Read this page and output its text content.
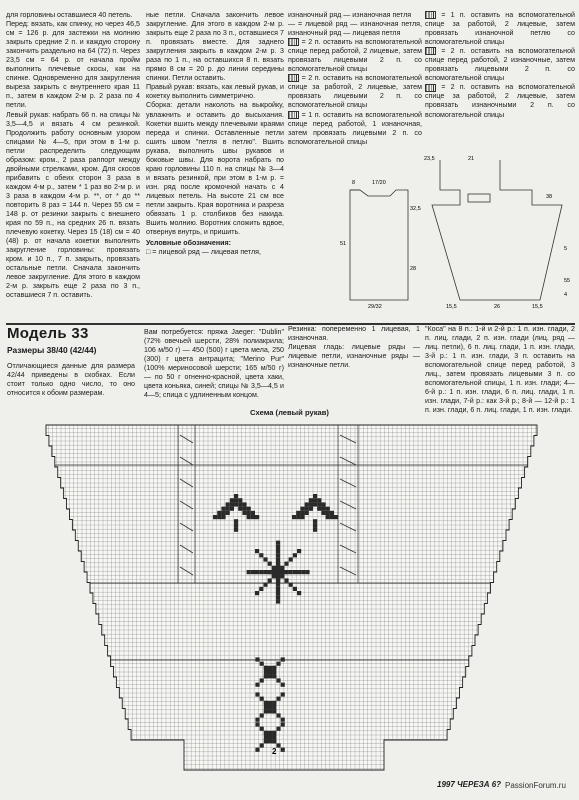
для горловины оставшиеся 40 петель.

Перед: вязать, как спинку, но через 46,5 см = 126 р. для застежки на молнию закрыть средние 2 п. и каждую сторону закончить раздельно на 64 (72) п. Через 23,5 см = 64 р. от начала пройм выполнить плечевые скосы, как на спинке. Одновременно для закругления выреза закрыть с внутреннего края 11 п., затем в каждом 2-м р. 2 раза по 4 петли.

Левый рукав: набрать 66 п. на спицы № 3,5—4,5 и вязать 4 см резинкой. Продолжить работу основным узором спицами № 4—5, при этом в 1-м р. петли распределить следующим образом: кром., 2 раза раппорт между двойными стрелками, кром. Для скосов прибавить с обеих сторон 3 раза в каждом 4-м р., затем * 1 раз во 2-м р. и 3 раза в каждом 4-м р. **, от * до ** повторить 8 раз = 144 п. Через 55 см = 148 р. от резинки закрыть с внешнего края по 59 п., на средних 26 п. вязать плечевую кокетку. Через 15 (18) см = 40 (48) р. от начала кокетки выполнить закругление горловины: провязать кром. и 10 п., 7 п. закрыть, провязать остальные петли. Сначала закончить левое закругление. Для этого в каждом 2-м р. закрыть еще 2 раза по 3 п., оставшиеся 7 п. оставить.

ные петли. Сначала закончить левое закругление. Для этого в каждом 2-м р. закрыть еще 2 раза по 3 п., оставшиеся 7 п. провязать вместе. Для заднего закругления закрыть в каждом 2-м р. 3 раза по 1 п., на оставшихся 8 п. вязать прямо 8 см = 20 р. до линии середины спинки. Петли оставить.

Правый рукав: вязать, как левый рукав, и кокетку выполнить симметрично.

Сборка: детали наколоть на выкройку, увлажнить и оставить до высыхания. Кокетки вшить между плечевыми краями переда и спинки. Оставленные петли сшить швом "петля в петлю". Вшить рукава, выполнить швы рукавов и боковые швы. Для ворота набрать по краю горловины 110 п. на спицы № 3—4 и вязать резинкой, при этом в 1-м р. = изн. ряд после кромочной начать с 4 лицевых петель. На высоте 21 см все петли закрыть. Края воротника и разреза обвязать 1 р. столбиков без накида. Вшить молнию. Воротник сложить вдвое, отвернув внутрь, и пришить.

Условные обозначения:

□ = лицевой ряд — лицевая петля,

изнаночный ряд — изнаночная петля

— = лицевой ряд — изнаночная петля, изнаночный ряд — лицевая петля

= 2 п. оставить на вспомогательной спице перед работой, 2 лицевые, затем провязать лицевыми 2 п. со вспомогательной спицы

= 2 п. оставить на вспомогательной спице за работой, 2 лицевые, затем провязать лицевыми 2 п. со вспомогательной спицы

= 1 п. оставить на вспомогательной спице перед работой, 1 изнаночная, затем провязать лицевыми 2 п. со вспомогательной спицы

= 1 п. оставить на вспомогательной спице за работой, 2 лицевые, затем провязать изнаночной петлю со вспомогательной спицы

= 2 п. оставить на вспомогательной спице перед работой, 2 изнаночные, затем провязать лицевыми 2 п. со вспомогательной спицы

= 2 п. оставить на вспомогательной спице за работой, 2 лицевые, затем провязать изнаночными 2 п. со вспомогательной спицы

8	17/20
32,5
51
28
29/32
23,5	21
38
15,5	26	15,5
5
55
4
Модель 33
Размеры 38/40 (42/44)

Отличающиеся данные для размера 42/44 приведены в скобках. Если стоит только одно число, то оно относится к обоим размерам.

Вам потребуется: пряжа Jaeger: "Dublin" (72% овечьей шерсти, 28% полиакрила; 106 м/50 г) — 450 (500) г цвета мела, 250 (300) г цвета антрацита; "Merino Pur" (100% мериносовой шерсти; 165 м/50 г) — по 50 г огненно-красной, цвета хаки, цвета коньяка, синей; спицы № 3,5—4,5 и 4—5; спица с удлиненным концом.

Резинка: попеременно 1 лицевая, 1 изнаночная.

Лицевая гладь: лицевые ряды — лицевые петли, изнаночные ряды — изнаночные петли.

"Коса" на 8 п.: 1-й и 2-й р.: 1 п. изн. глади, 2 п. лиц. глади, 2 п. изн. глади (лиц. ряд — лиц. петли), 6 п. лиц. глади, 1 п. изн. глади, 3-й р.: 1 п. изн. глади, 3 п. оставить на вспомогательной спице перед работой, 3 лиц., затем провязать лицевыми 3 п. со вспомогательной спицы, 1 п. изн. глади; 4—6-й р.: 1 п. изн. глади, 6 п. лиц. глади, 1 п. изн. глади, 7-й р.: как 3-й р.; 8-й — 12-й р.: 1 п. изн. глади, 6 п. лиц. глади, 1 п. изн. глади.

Схема (левый рукав)
2
1997 ЧЕРЕЗА 6? PassionForum.ru
